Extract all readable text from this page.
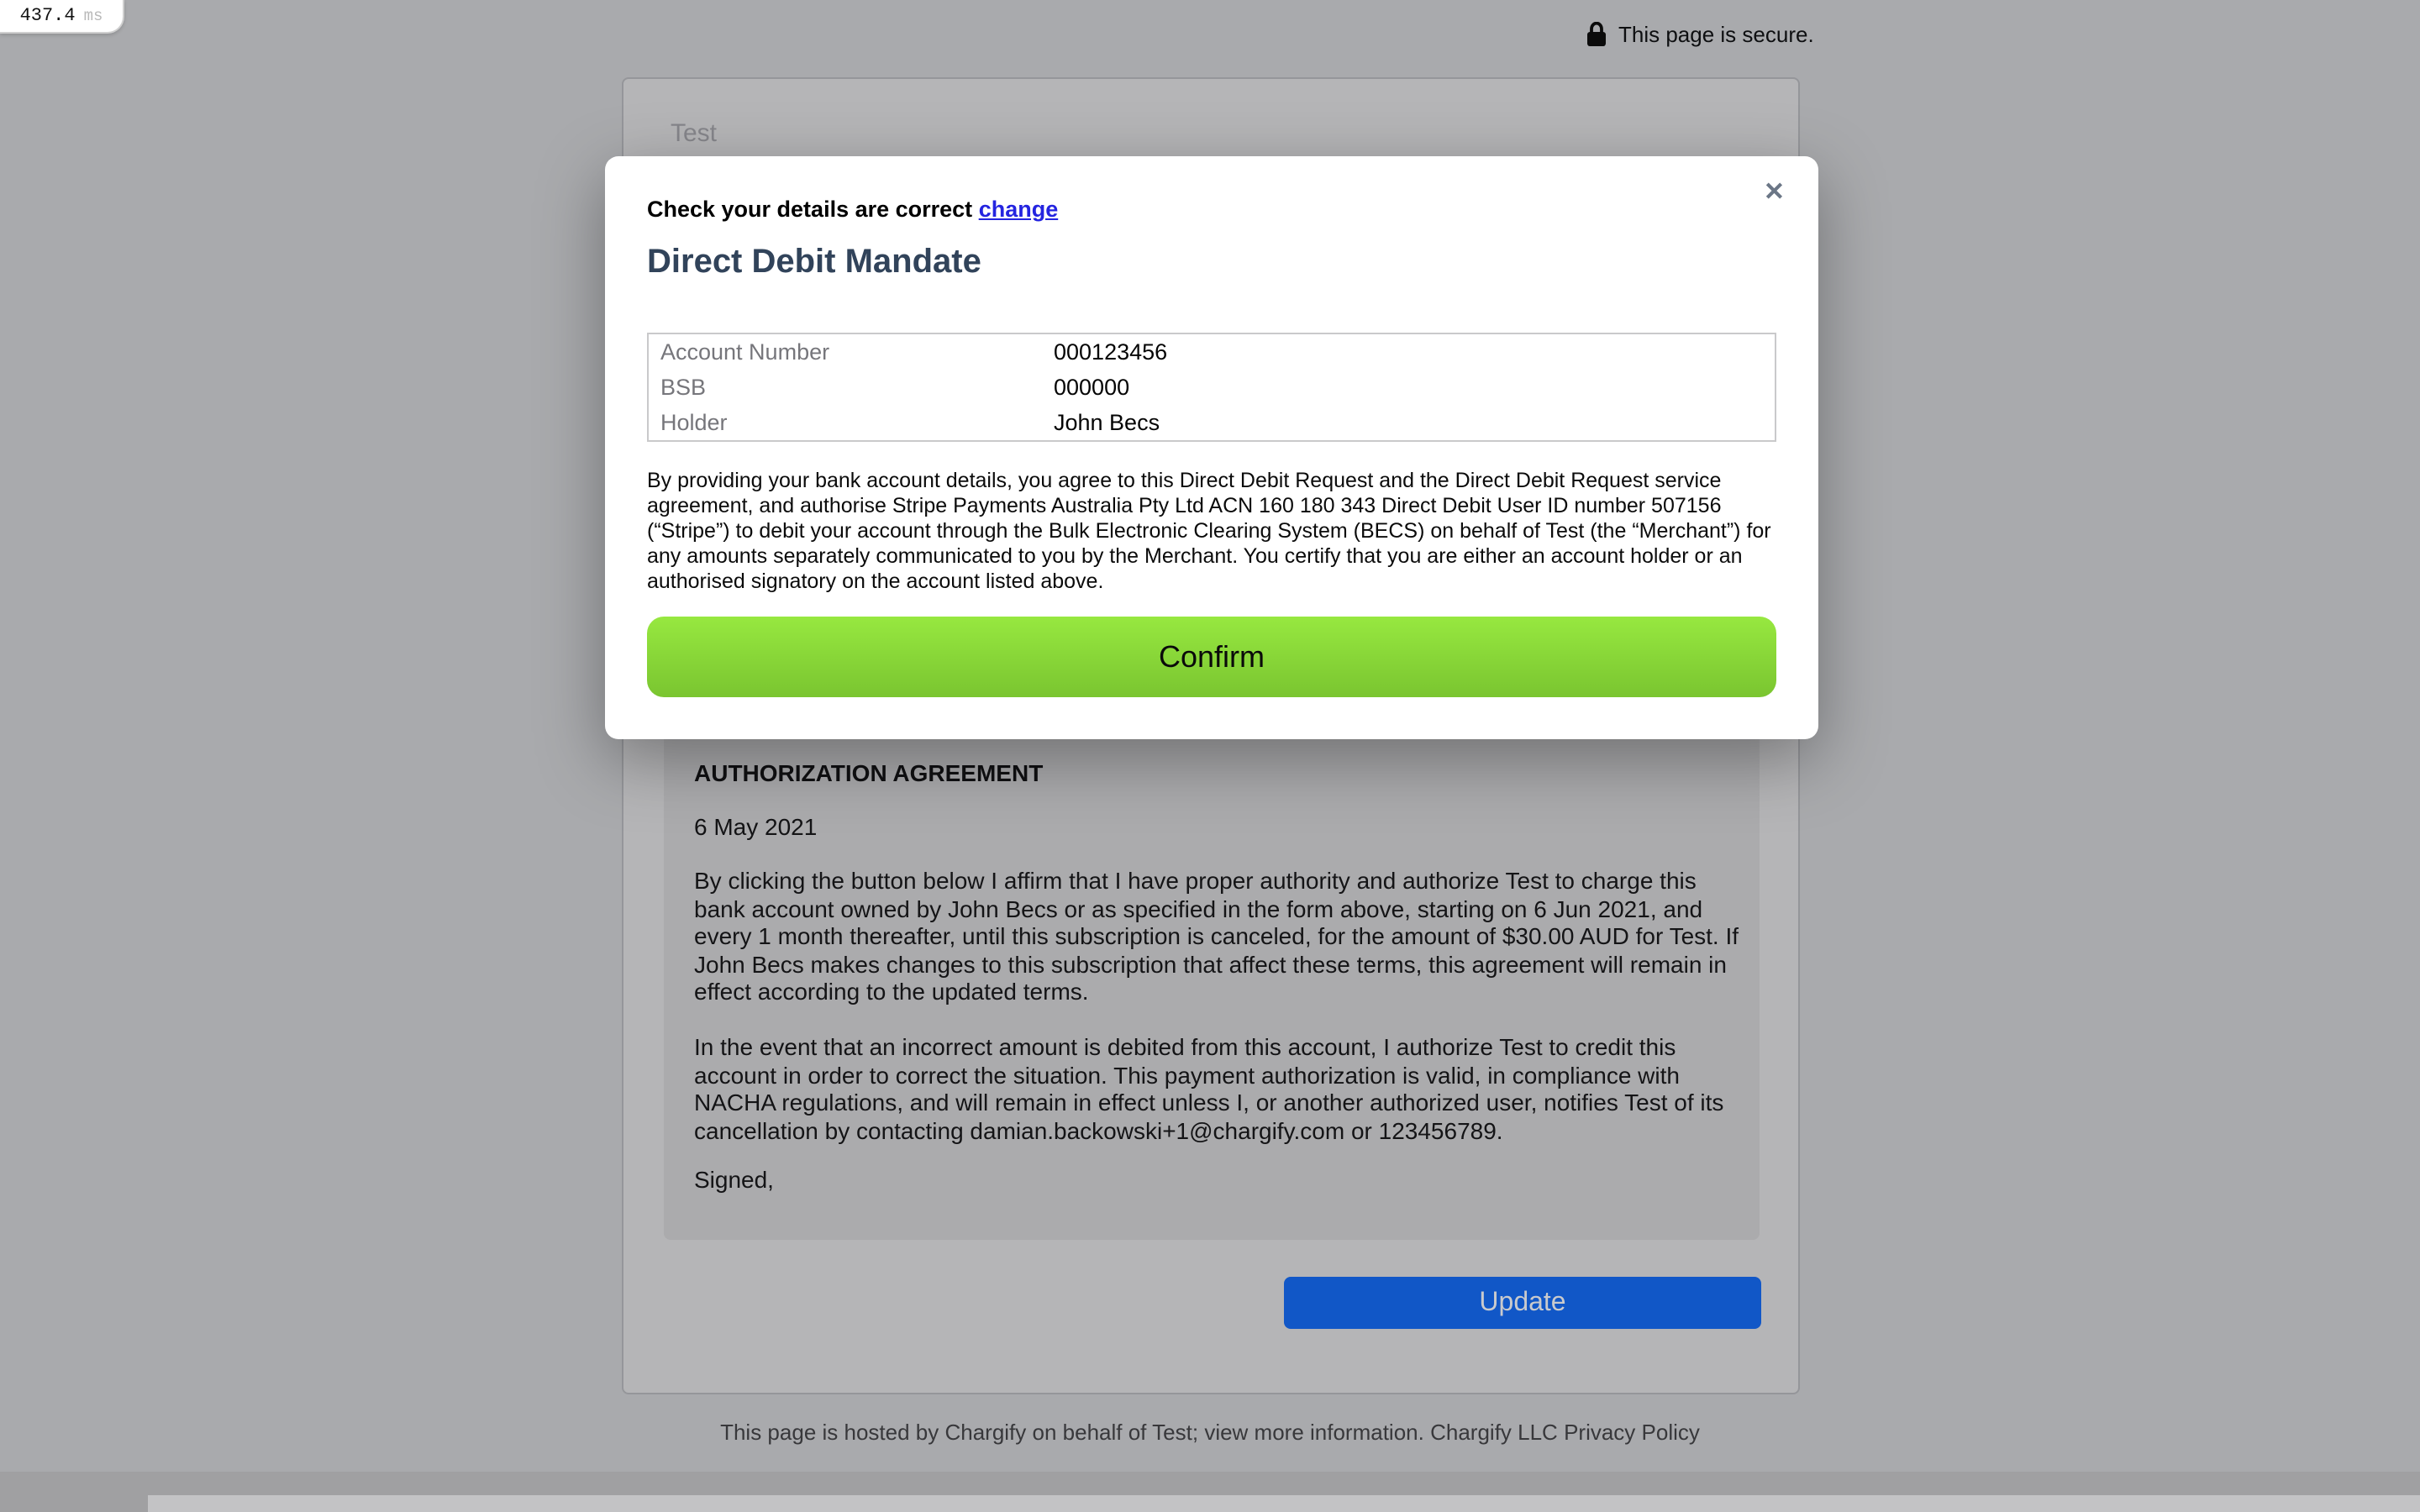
437.4 ms
This page is secure.
Test
AUTHORIZATION AGREEMENT
6 May 2021
By clicking the button below I affirm that I have proper authority and authorize Test to charge this bank account owned by John Becs or as specified in the form above, starting on 6 Jun 2021, and every 1 month thereafter, until this subscription is canceled, for the amount of $30.00 AUD for Test. If John Becs makes changes to this subscription that affect these terms, this agreement will remain in effect according to the updated terms.
In the event that an incorrect amount is debited from this account, I authorize Test to credit this account in order to correct the situation. This payment authorization is valid, in compliance with NACHA regulations, and will remain in effect unless I, or another authorized user, notifies Test of its cancellation by contacting damian.backowski+1@chargify.com or 123456789.
Signed,
Update
This page is hosted by Chargify on behalf of Test; view more information. Chargify LLC Privacy Policy
✕
Check your details are correct change
Direct Debit Mandate
Account Number	000123456
BSB	000000
Holder	John Becs
By providing your bank account details, you agree to this Direct Debit Request and the Direct Debit Request service agreement, and authorise Stripe Payments Australia Pty Ltd ACN 160 180 343 Direct Debit User ID number 507156 (“Stripe”) to debit your account through the Bulk Electronic Clearing System (BECS) on behalf of Test (the “Merchant”) for any amounts separately communicated to you by the Merchant. You certify that you are either an account holder or an authorised signatory on the account listed above.
Confirm
